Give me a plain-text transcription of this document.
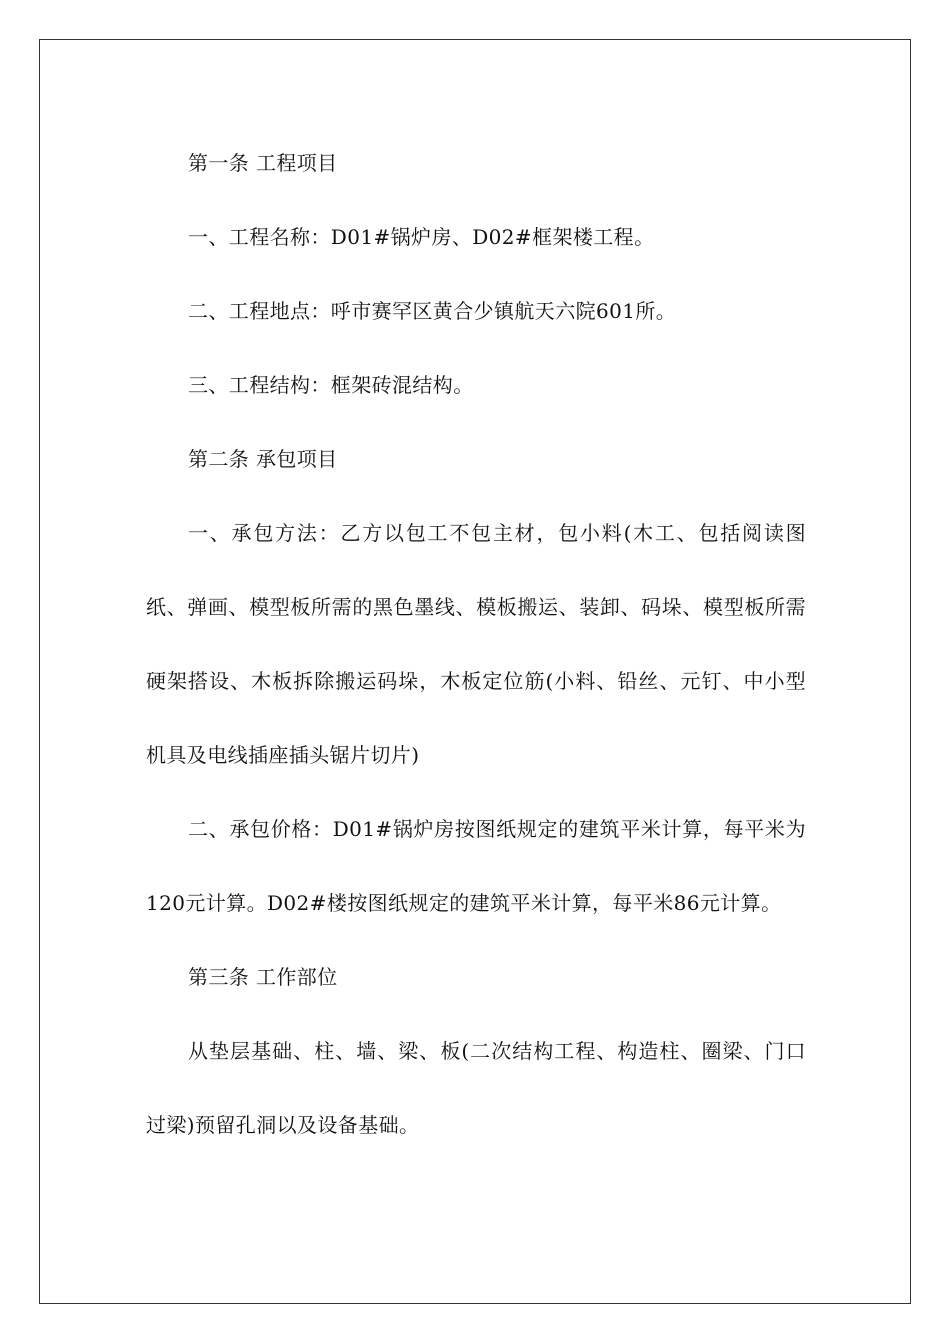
第一条 工程项目

一、工程名称：D01#锅炉房、D02#框架楼工程。

二、工程地点：呼市赛罕区黄合少镇航天六院601所。

三、工程结构：框架砖混结构。

第二条 承包项目

一、承包方法：乙方以包工不包主材，包小料(木工、包括阅读图纸、弹画、模型板所需的黑色墨线、模板搬运、装卸、码垛、模型板所需硬架搭设、木板拆除搬运码垛，木板定位筋(小料、铅丝、元钉、中小型机具及电线插座插头锯片切片)

二、承包价格：D01#锅炉房按图纸规定的建筑平米计算，每平米为120元计算。D02#楼按图纸规定的建筑平米计算，每平米86元计算。

第三条 工作部位

从垫层基础、柱、墙、梁、板(二次结构工程、构造柱、圈梁、门口过梁)预留孔洞以及设备基础。
